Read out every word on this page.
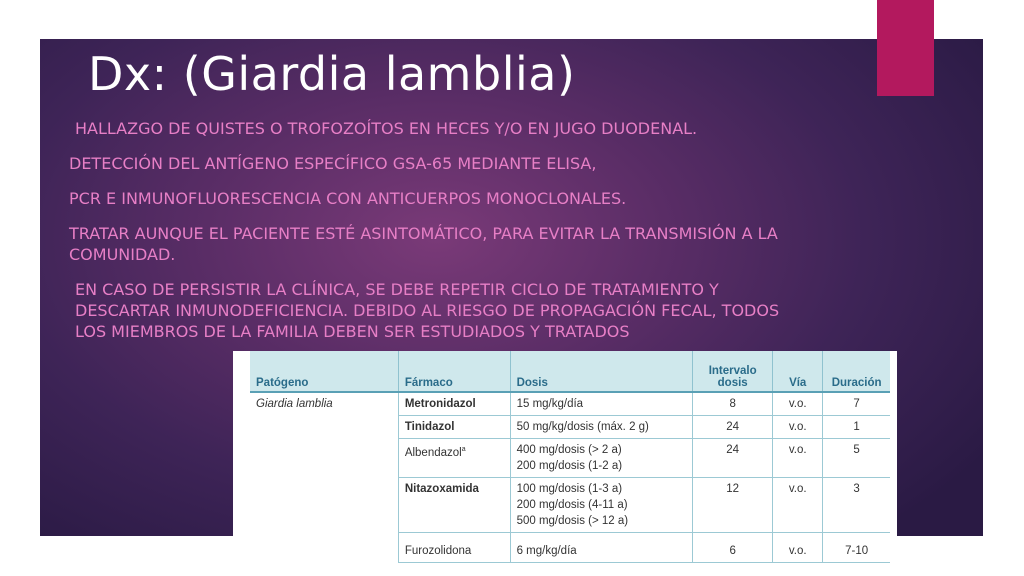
Dx: (Giardia lamblia)

HALLAZGO DE QUISTES O TROFOZOÍTOS EN HECES Y/O EN JUGO DUODENAL.

DETECCIÓN DEL ANTÍGENO ESPECÍFICO GSA-65 MEDIANTE ELISA,

PCR E INMUNOFLUORESCENCIA CON ANTICUERPOS MONOCLONALES.

TRATAR AUNQUE EL PACIENTE ESTÉ ASINTOMÁTICO, PARA EVITAR LA TRANSMISIÓN A LA COMUNIDAD.

EN CASO DE PERSISTIR LA CLÍNICA, SE DEBE REPETIR CICLO DE TRATAMIENTO Y DESCARTAR INMUNODEFICIENCIA. DEBIDO AL RIESGO DE PROPAGACIÓN FECAL, TODOS LOS MIEMBROS DE LA FAMILIA DEBEN SER ESTUDIADOS Y TRATADOS

Patógeno	Fármaco	Dosis	Intervalo dosis	Vía	Duración
Giardia lamblia	Metronidazol	15 mg/kg/día	8	v.o.	7
	Tinidazol	50 mg/kg/dosis (máx. 2 g)	24	v.o.	1
	Albendazol$^a$	400 mg/dosis (> 2 a)
200 mg/dosis (1-2 a)	24	v.o.	5
	Nitazoxamida	100 mg/dosis (1-3 a)
200 mg/dosis (4-11 a)
500 mg/dosis (> 12 a)	12	v.o.	3
	Furozolidona	6 mg/kg/día	6	v.o.	7-10
